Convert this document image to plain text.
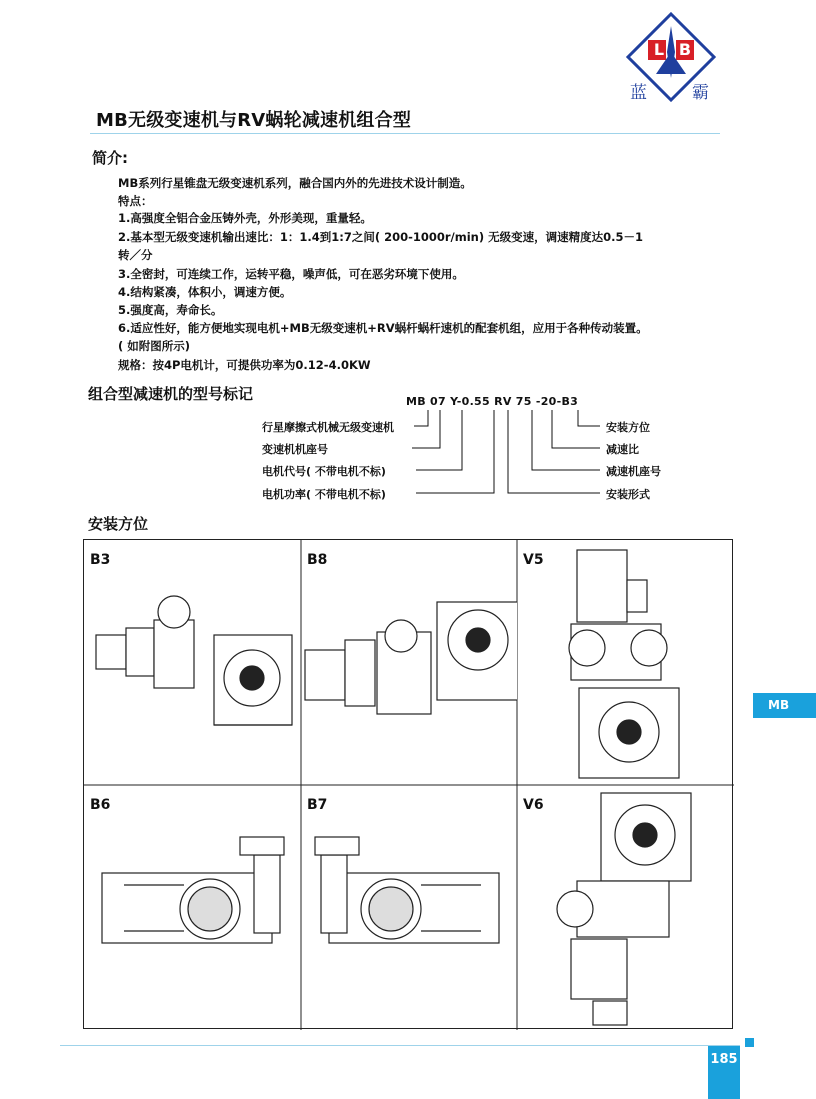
L B
蓝	霸
MB无级变速机与RV蜗轮减速机组合型
简介:
MB系列行星锥盘无级变速机系列，融合国内外的先进技术设计制造。
特点：
1.高强度全铝合金压铸外壳，外形美现，重量轻。
2.基本型无级变速机输出速比：1：1.4到1:7之间( 200-1000r/min) 无级变速，调速精度达0.5－1
转／分
3.全密封，可连续工作，运转平稳，噪声低，可在恶劣环境下使用。
4.结构紧凑，体积小，调速方便。
5.强度高，寿命长。
6.适应性好，能方便地实现电机+MB无级变速机+RV蜗杆蜗杆速机的配套机组，应用于各种传动装置。
( 如附图所示)
规格：按4P电机计，可提供功率为0.12-4.0KW
组合型减速机的型号标记	MB 07 Y-0.55 RV 75 -20-B3
行星摩擦式机械无级变速机
变速机机座号
电机代号( 不带电机不标)
电机功率( 不带电机不标)
安装方位
减速比
减速机座号
安装形式
安装方位
B3	B8	V5
B6	B7	V6
MB
185
